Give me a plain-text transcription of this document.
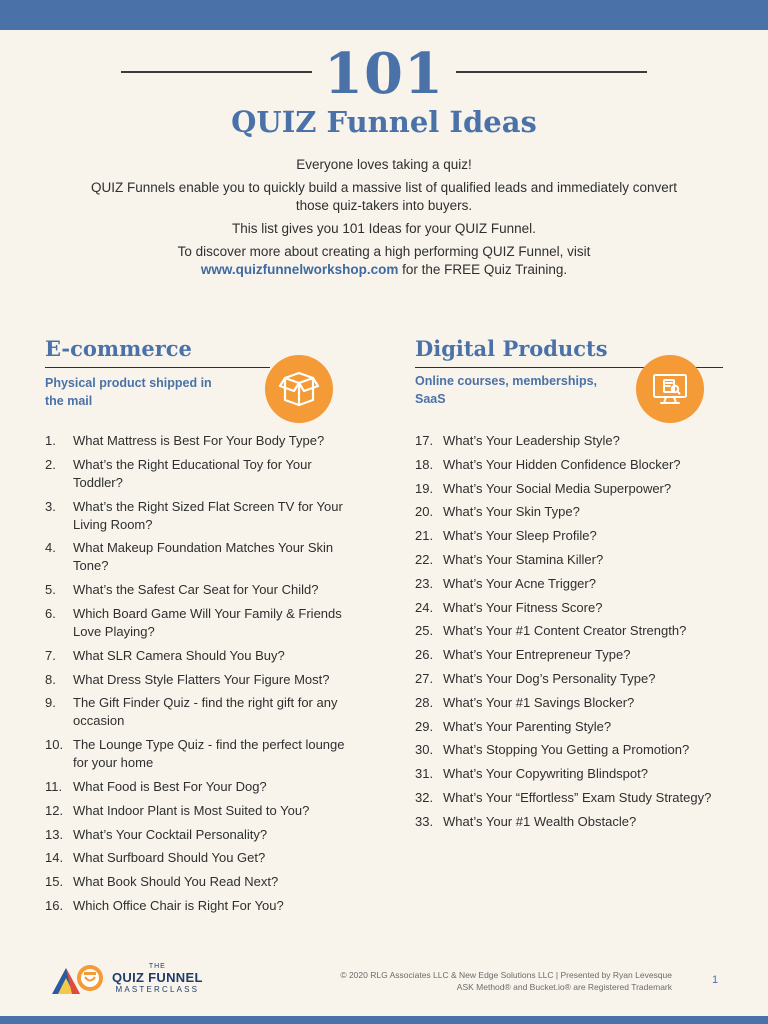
101
QUIZ Funnel Ideas

Everyone loves taking a quiz!

QUIZ Funnels enable you to quickly build a massive list of qualified leads and immediately convert those quiz-takers into buyers.

This list gives you 101 Ideas for your QUIZ Funnel.

To discover more about creating a high performing QUIZ Funnel, visit
www.quizfunnelworkshop.com for the FREE Quiz Training.

E-commerce
Physical product shipped in
the mail
1.	What Mattress is Best For Your Body Type?
2.	What’s the Right Educational Toy for Your Toddler?
3.	What’s the Right Sized Flat Screen TV for Your Living Room?
4.	What Makeup Foundation Matches Your Skin Tone?
5.	What’s the Safest Car Seat for Your Child?
6.	Which Board Game Will Your Family & Friends Love Playing?
7.	What SLR Camera Should You Buy?
8.	What Dress Style Flatters Your Figure Most?
9.	The Gift Finder Quiz - find the right gift for any occasion
10. The Lounge Type Quiz - find the perfect lounge for your home
11. What Food is Best For Your Dog?
12. What Indoor Plant is Most Suited to You?
13. What’s Your Cocktail Personality?
14. What Surfboard Should You Get?
15. What Book Should You Read Next?
16. Which Office Chair is Right For You?
Digital Products
Online courses, memberships,
SaaS
17. What’s Your Leadership Style?
18. What’s Your Hidden Confidence Blocker?
19. What’s Your Social Media Superpower?
20. What’s Your Skin Type?
21. What’s Your Sleep Profile?
22. What’s Your Stamina Killer?
23. What’s Your Acne Trigger?
24. What’s Your Fitness Score?
25. What’s Your #1 Content Creator Strength?
26. What’s Your Entrepreneur Type?
27. What’s Your Dog’s Personality Type?
28. What’s Your #1 Savings Blocker?
29. What’s Your Parenting Style?
30. What’s Stopping You Getting a Promotion?
31. What’s Your Copywriting Blindspot?
32. What’s Your “Effortless” Exam Study Strategy?
33. What’s Your #1 Wealth Obstacle?
THE
QUIZ FUNNEL
MASTERCLASS
© 2020 RLG Associates LLC & New Edge Solutions LLC | Presented by Ryan Levesque
ASK Method® and Bucket.io® are Registered Trademark
1
